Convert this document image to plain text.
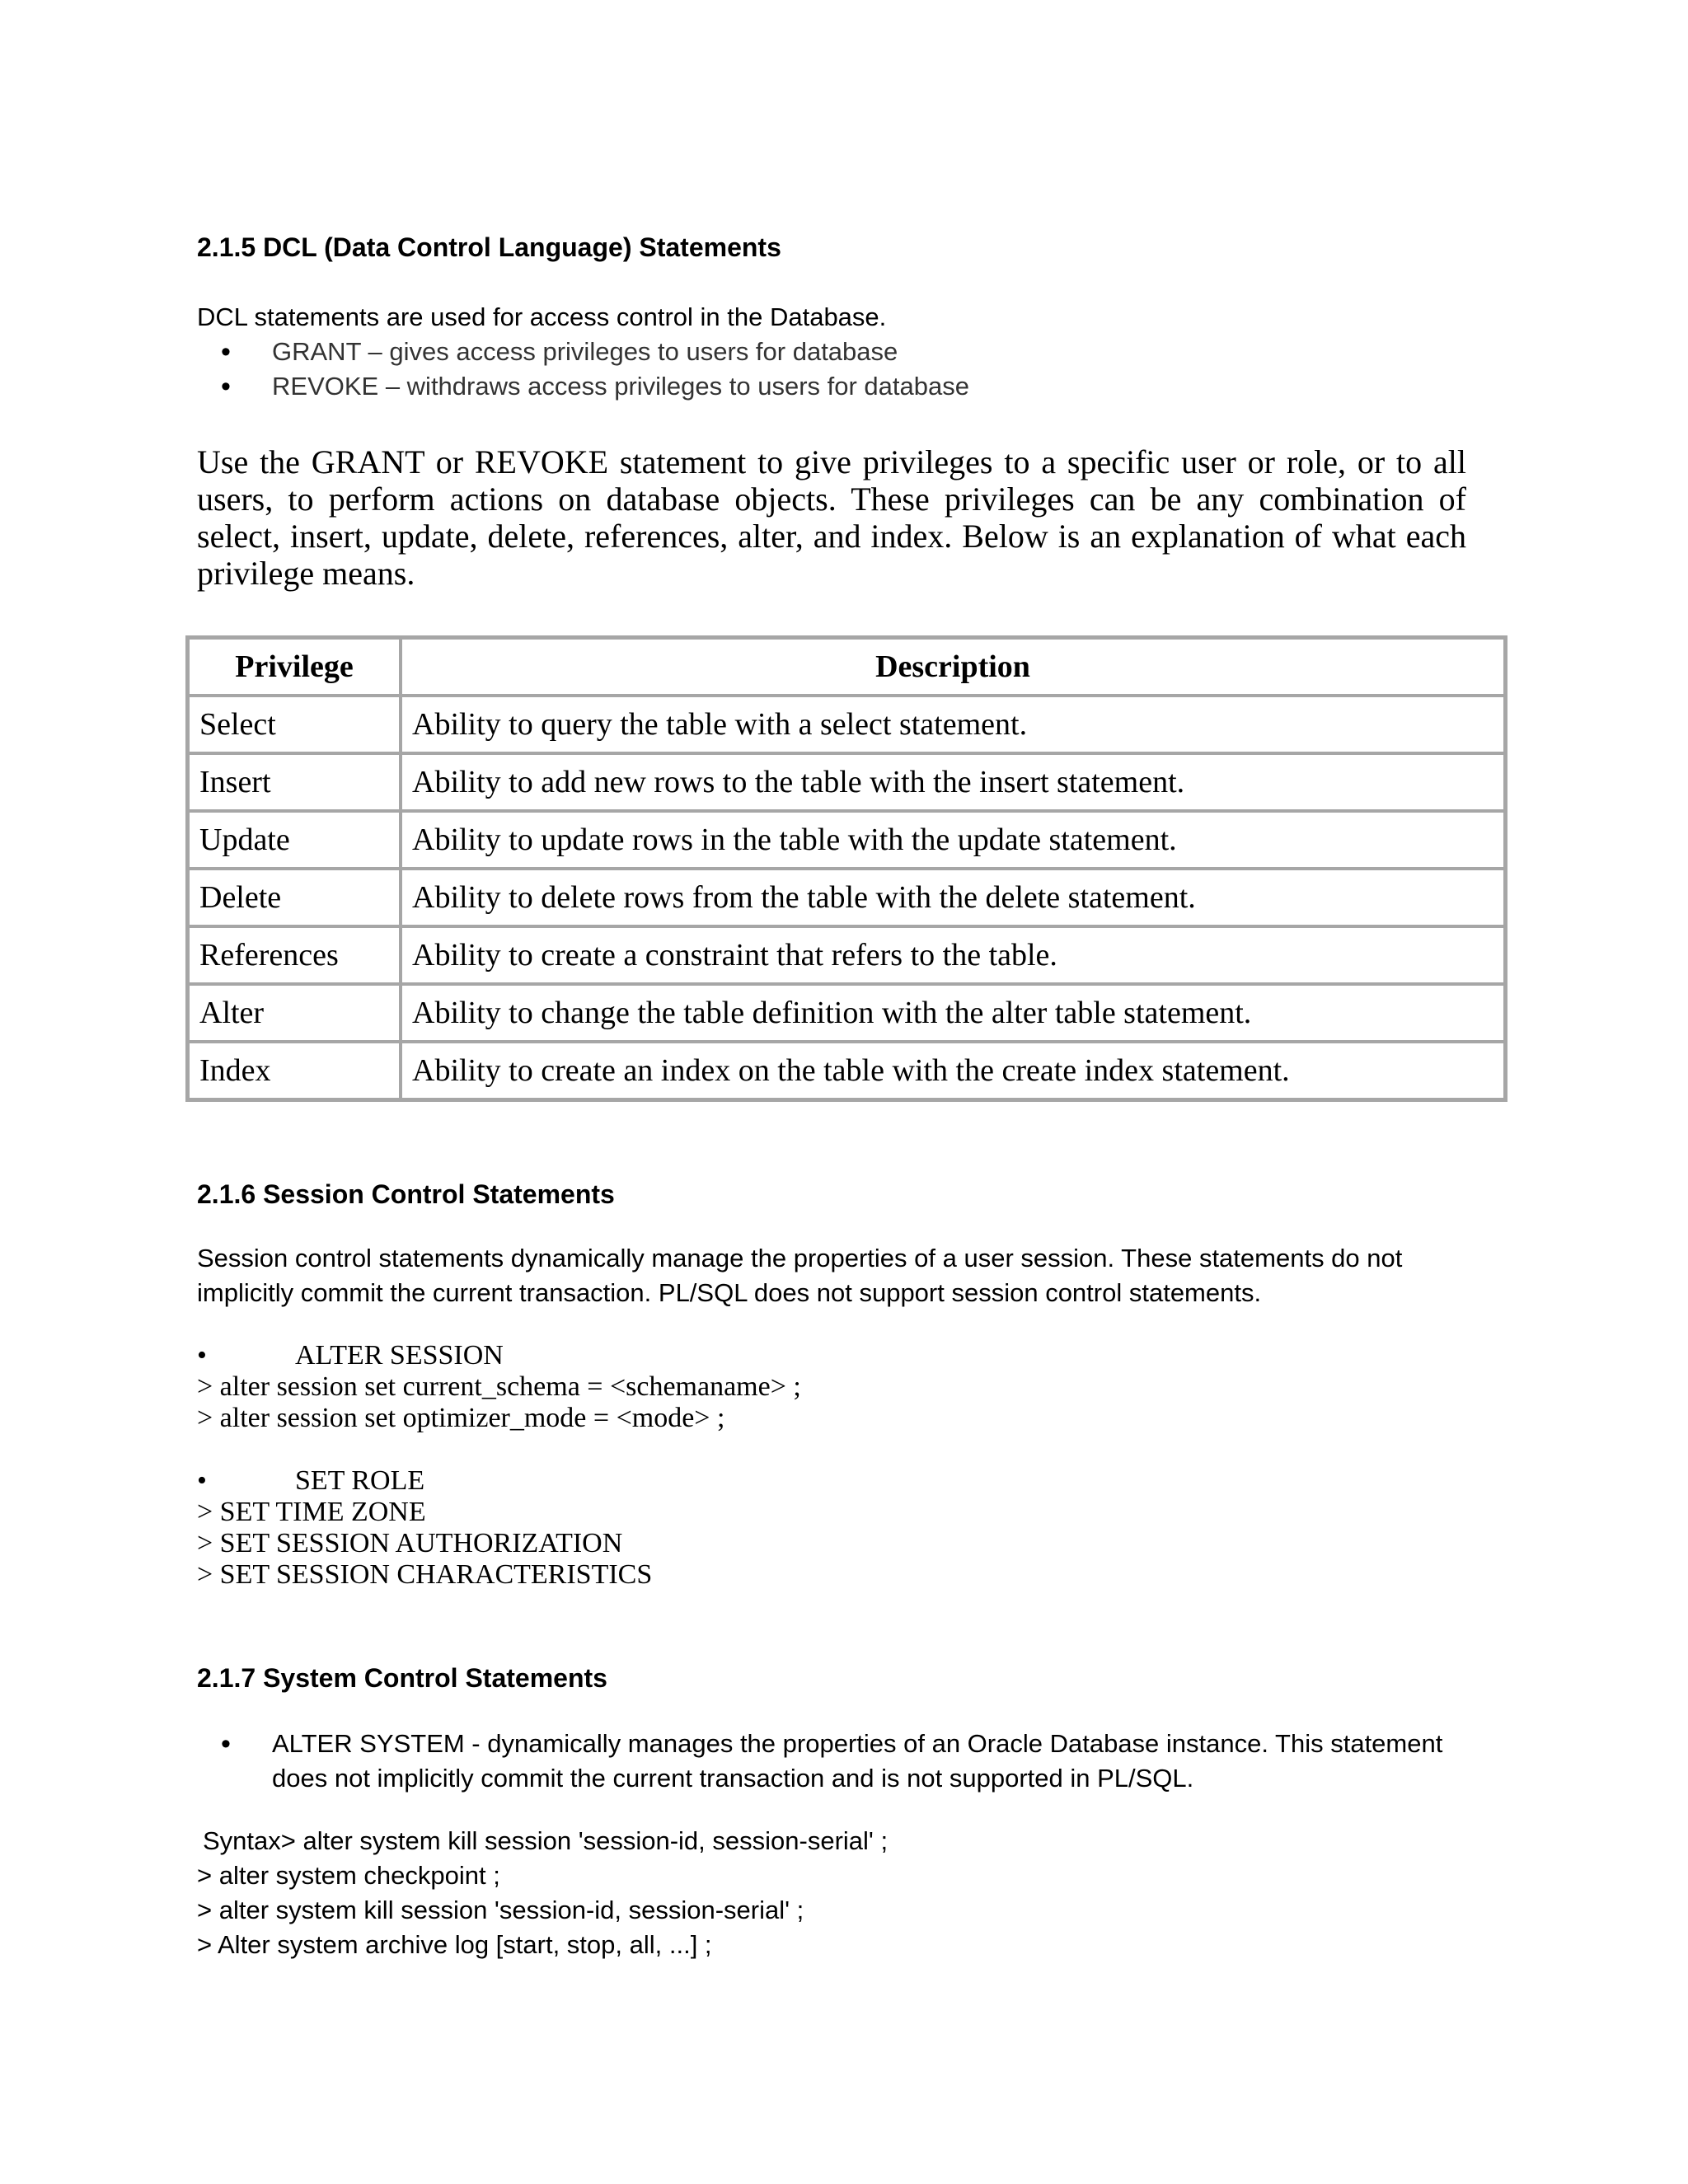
2.1.5 DCL (Data Control Language) Statements
DCL statements are used for access control in the Database.
• GRANT – gives access privileges to users for database
• REVOKE – withdraws access privileges to users for database
Use the GRANT or REVOKE statement to give privileges to a specific user or role, or to all users, to perform actions on database objects. These privileges can be any combination of select, insert, update, delete, references, alter, and index. Below is an explanation of what each privilege means.
Privilege	Description
Select	Ability to query the table with a select statement.
Insert	Ability to add new rows to the table with the insert statement.
Update	Ability to update rows in the table with the update statement.
Delete	Ability to delete rows from the table with the delete statement.
References	Ability to create a constraint that refers to the table.
Alter	Ability to change the table definition with the alter table statement.
Index	Ability to create an index on the table with the create index statement.
2.1.6 Session Control Statements
Session control statements dynamically manage the properties of a user session. These statements do not
implicitly commit the current transaction. PL/SQL does not support session control statements.
•	ALTER SESSION
> alter session set current_schema = <schemaname> ;
> alter session set optimizer_mode = <mode> ;
•	SET ROLE
> SET TIME ZONE
> SET SESSION AUTHORIZATION
> SET SESSION CHARACTERISTICS
2.1.7 System Control Statements
• ALTER SYSTEM - dynamically manages the properties of an Oracle Database instance. This statement
does not implicitly commit the current transaction and is not supported in PL/SQL.
Syntax> alter system kill session 'session-id, session-serial' ;
> alter system checkpoint ;
> alter system kill session 'session-id, session-serial' ;
> Alter system archive log [start, stop, all, ...] ;
